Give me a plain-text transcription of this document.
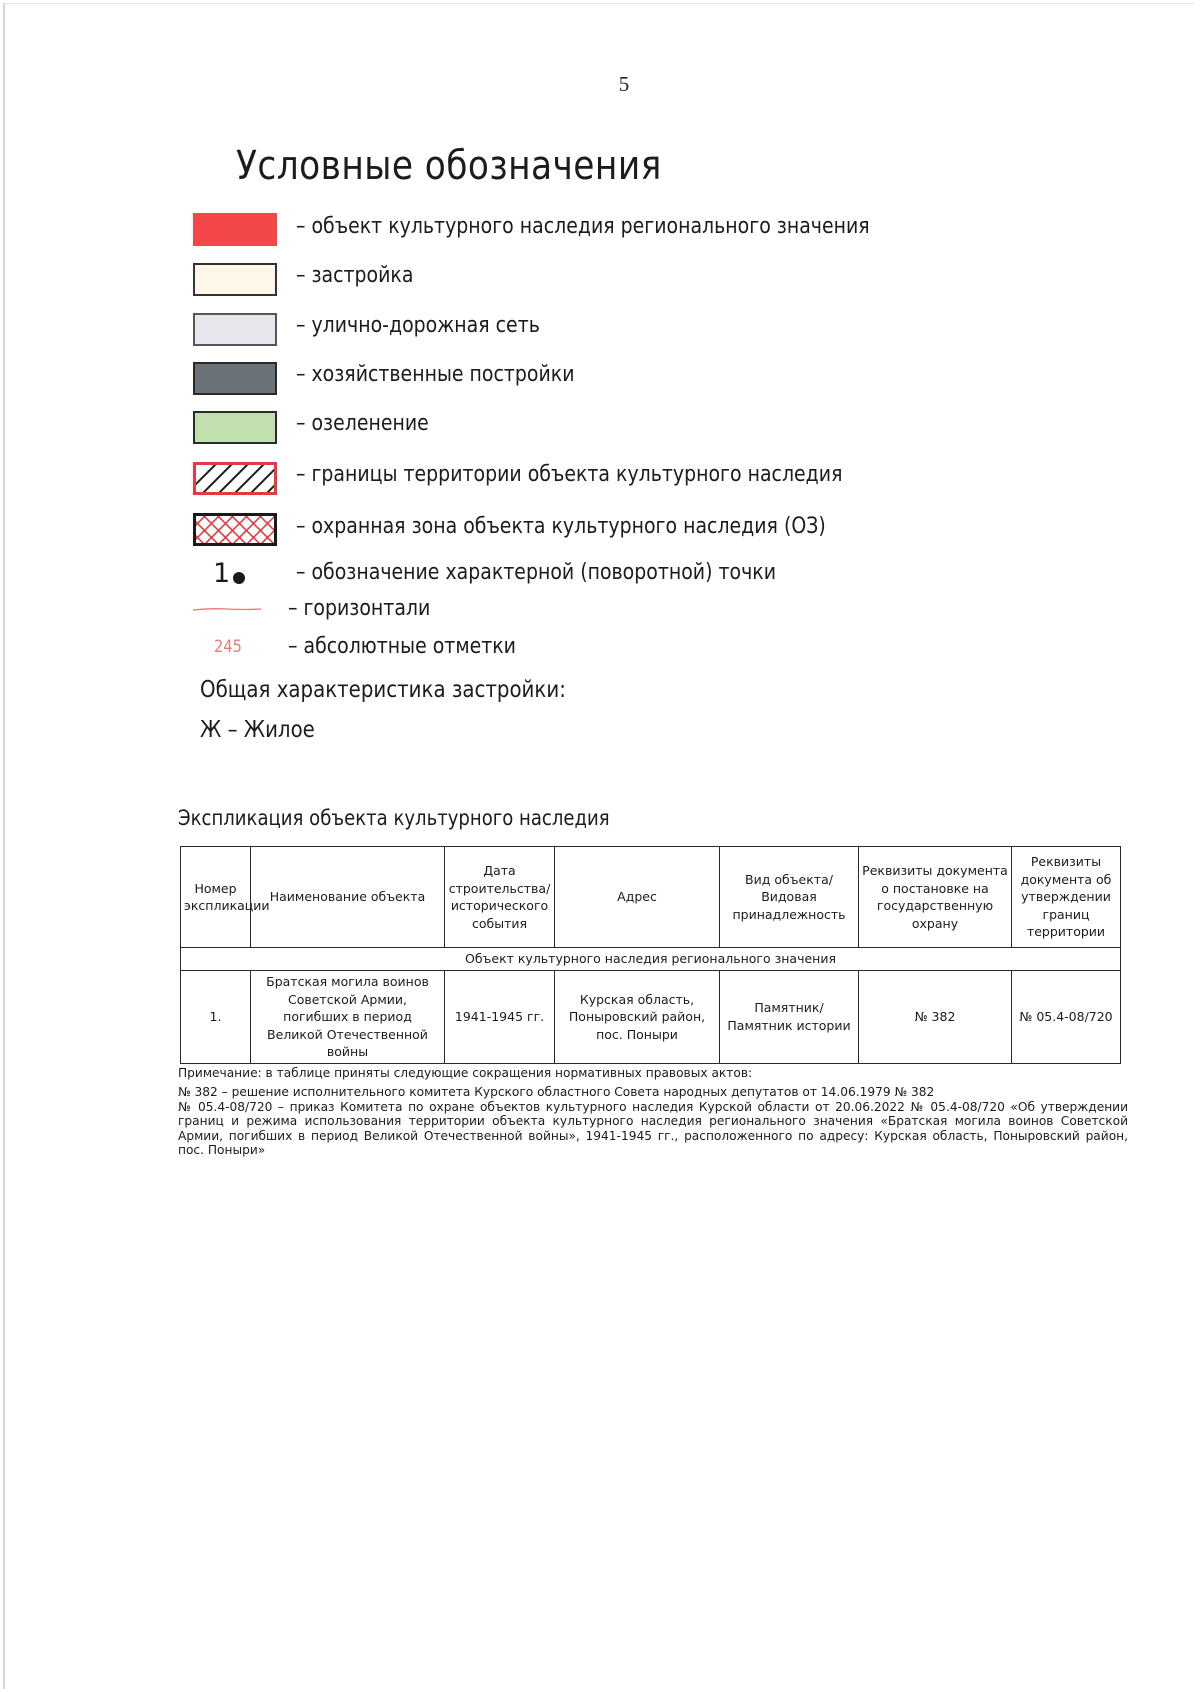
5
Условные обозначения
– объект культурного наследия регионального значения
– застройка
– улично-дорожная сеть
– хозяйственные постройки
– озеленение
– границы территории объекта культурного наследия
– охранная зона объекта культурного наследия (ОЗ)
1	– обозначение характерной (поворотной) точки
– горизонтали
245 – абсолютные отметки
Общая характеристика застройки:
Ж – Жилое
Экспликация объекта культурного наследия
Номер экспликации	Наименование объекта	Дата строительства/исторического события	Адрес	Вид объекта/Видовая принадлежность	Реквизиты документа о постановке на государственную охрану	Реквизиты документа об утверждении границ территории
Объект культурного наследия регионального значения						
1.	Братская могила воинов Советской Армии, погибших в период Великой Отечественной войны	1941-1945 гг.	Курская область, Поныровский район, пос. Поныри	Памятник/Памятник истории	№ 382	№ 05.4-08/720
Примечание: в таблице приняты следующие сокращения нормативных правовых актов:
№ 382 – решение исполнительного комитета Курского областного Совета народных депутатов от 14.06.1979 № 382
№ 05.4-08/720 – приказ Комитета по охране объектов культурного наследия Курской области от 20.06.2022 № 05.4-08/720 «Об утверждении границ и режима использования территории объекта культурного наследия регионального значения «Братская могила воинов Советской Армии, погибших в период Великой Отечественной войны», 1941-1945 гг., расположенного по адресу: Курская область, Поныровский район, пос. Поныри»
